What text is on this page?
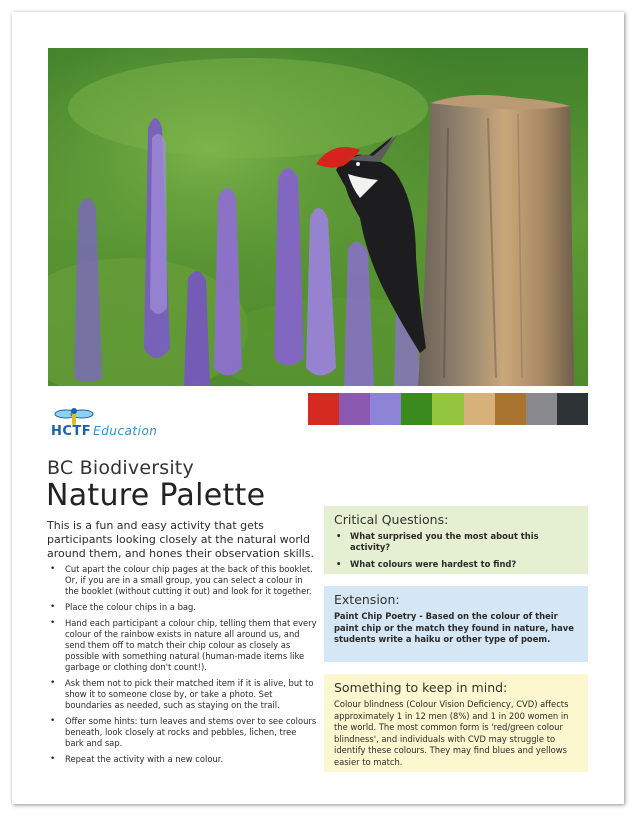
HCTF Education
BC Biodiversity
Nature Palette
This is a fun and easy activity that gets participants looking closely at the natural world around them, and hones their observation skills.
• Cut apart the colour chip pages at the back of this booklet. Or, if you are in a small group, you can select a colour in the booklet (without cutting it out) and look for it together.
• Place the colour chips in a bag.
• Hand each participant a colour chip, telling them that every colour of the rainbow exists in nature all around us, and send them off to match their chip colour as closely as possible with something natural (human-made items like garbage or clothing don't count!).
• Ask them not to pick their matched item if it is alive, but to show it to someone close by, or take a photo. Set boundaries as needed, such as staying on the trail.
• Offer some hints: turn leaves and stems over to see colours beneath, look closely at rocks and pebbles, lichen, tree bark and sap.
• Repeat the activity with a new colour.
Critical Questions:
• What surprised you the most about this activity?
• What colours were hardest to find?
Extension:

Paint Chip Poetry - Based on the colour of their paint chip or the match they found in nature, have students write a haiku or other type of poem.

Something to keep in mind:

Colour blindness (Colour Vision Deficiency, CVD) affects approximately 1 in 12 men (8%) and 1 in 200 women in the world. The most common form is 'red/green colour blindness', and individuals with CVD may struggle to identify these colours. They may find blues and yellows easier to match.
